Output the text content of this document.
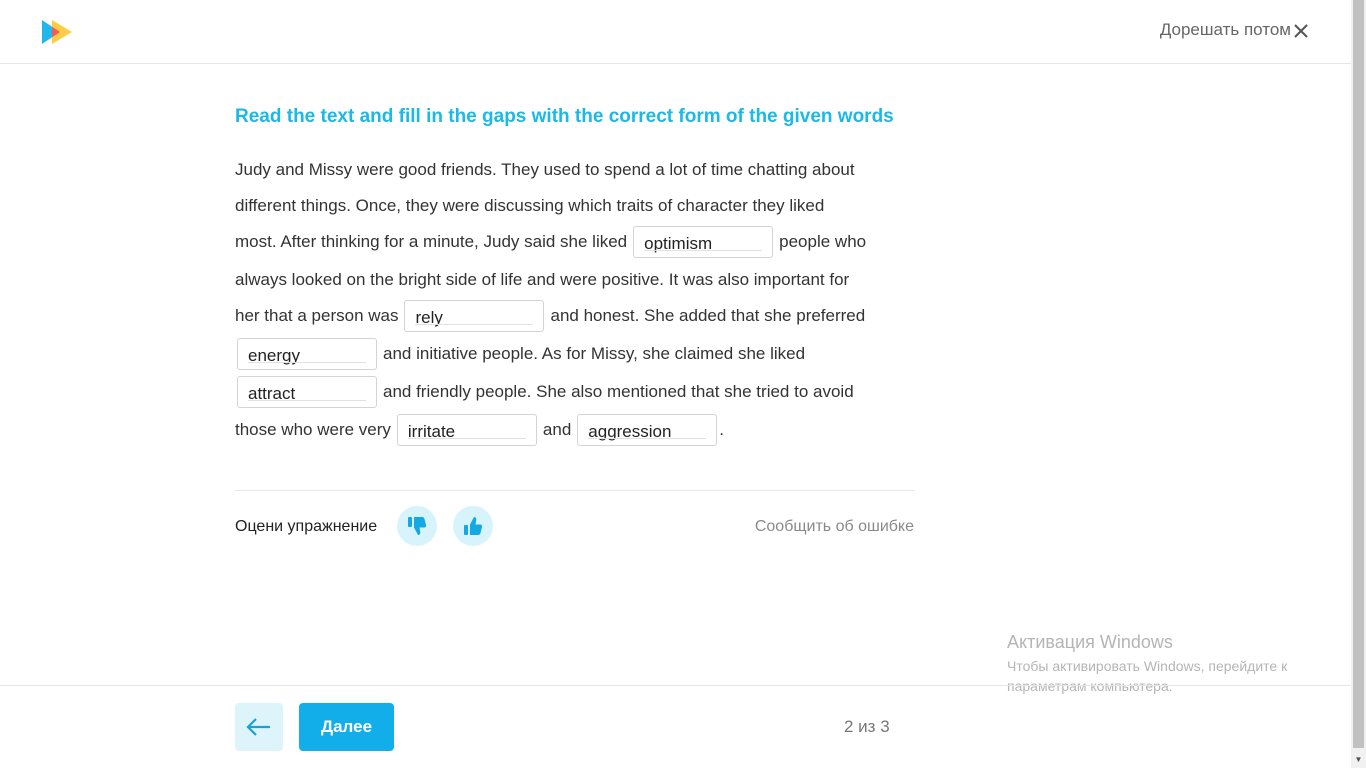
Дорешать потом
▼
Read the text and fill in the gaps with the correct form of the given words
Judy and Missy were good friends. They used to spend a lot of time chatting about
different things. Once, they were discussing which traits of character they liked
most. After thinking for a minute, Judy said she liked	optimism	people who
always looked on the bright side of life and were positive. It was also important for
her that a person was	rely	and honest. She added that she preferred
energy	and initiative people. As for Missy, she claimed she liked
attract	and friendly people. She also mentioned that she tried to avoid
those who were very	irritate	and	aggression	.
Оцени упражнение	Сообщить об ошибке
Активация Windows
Чтобы активировать Windows, перейдите к параметрам компьютера.
Далее	2 из 3
